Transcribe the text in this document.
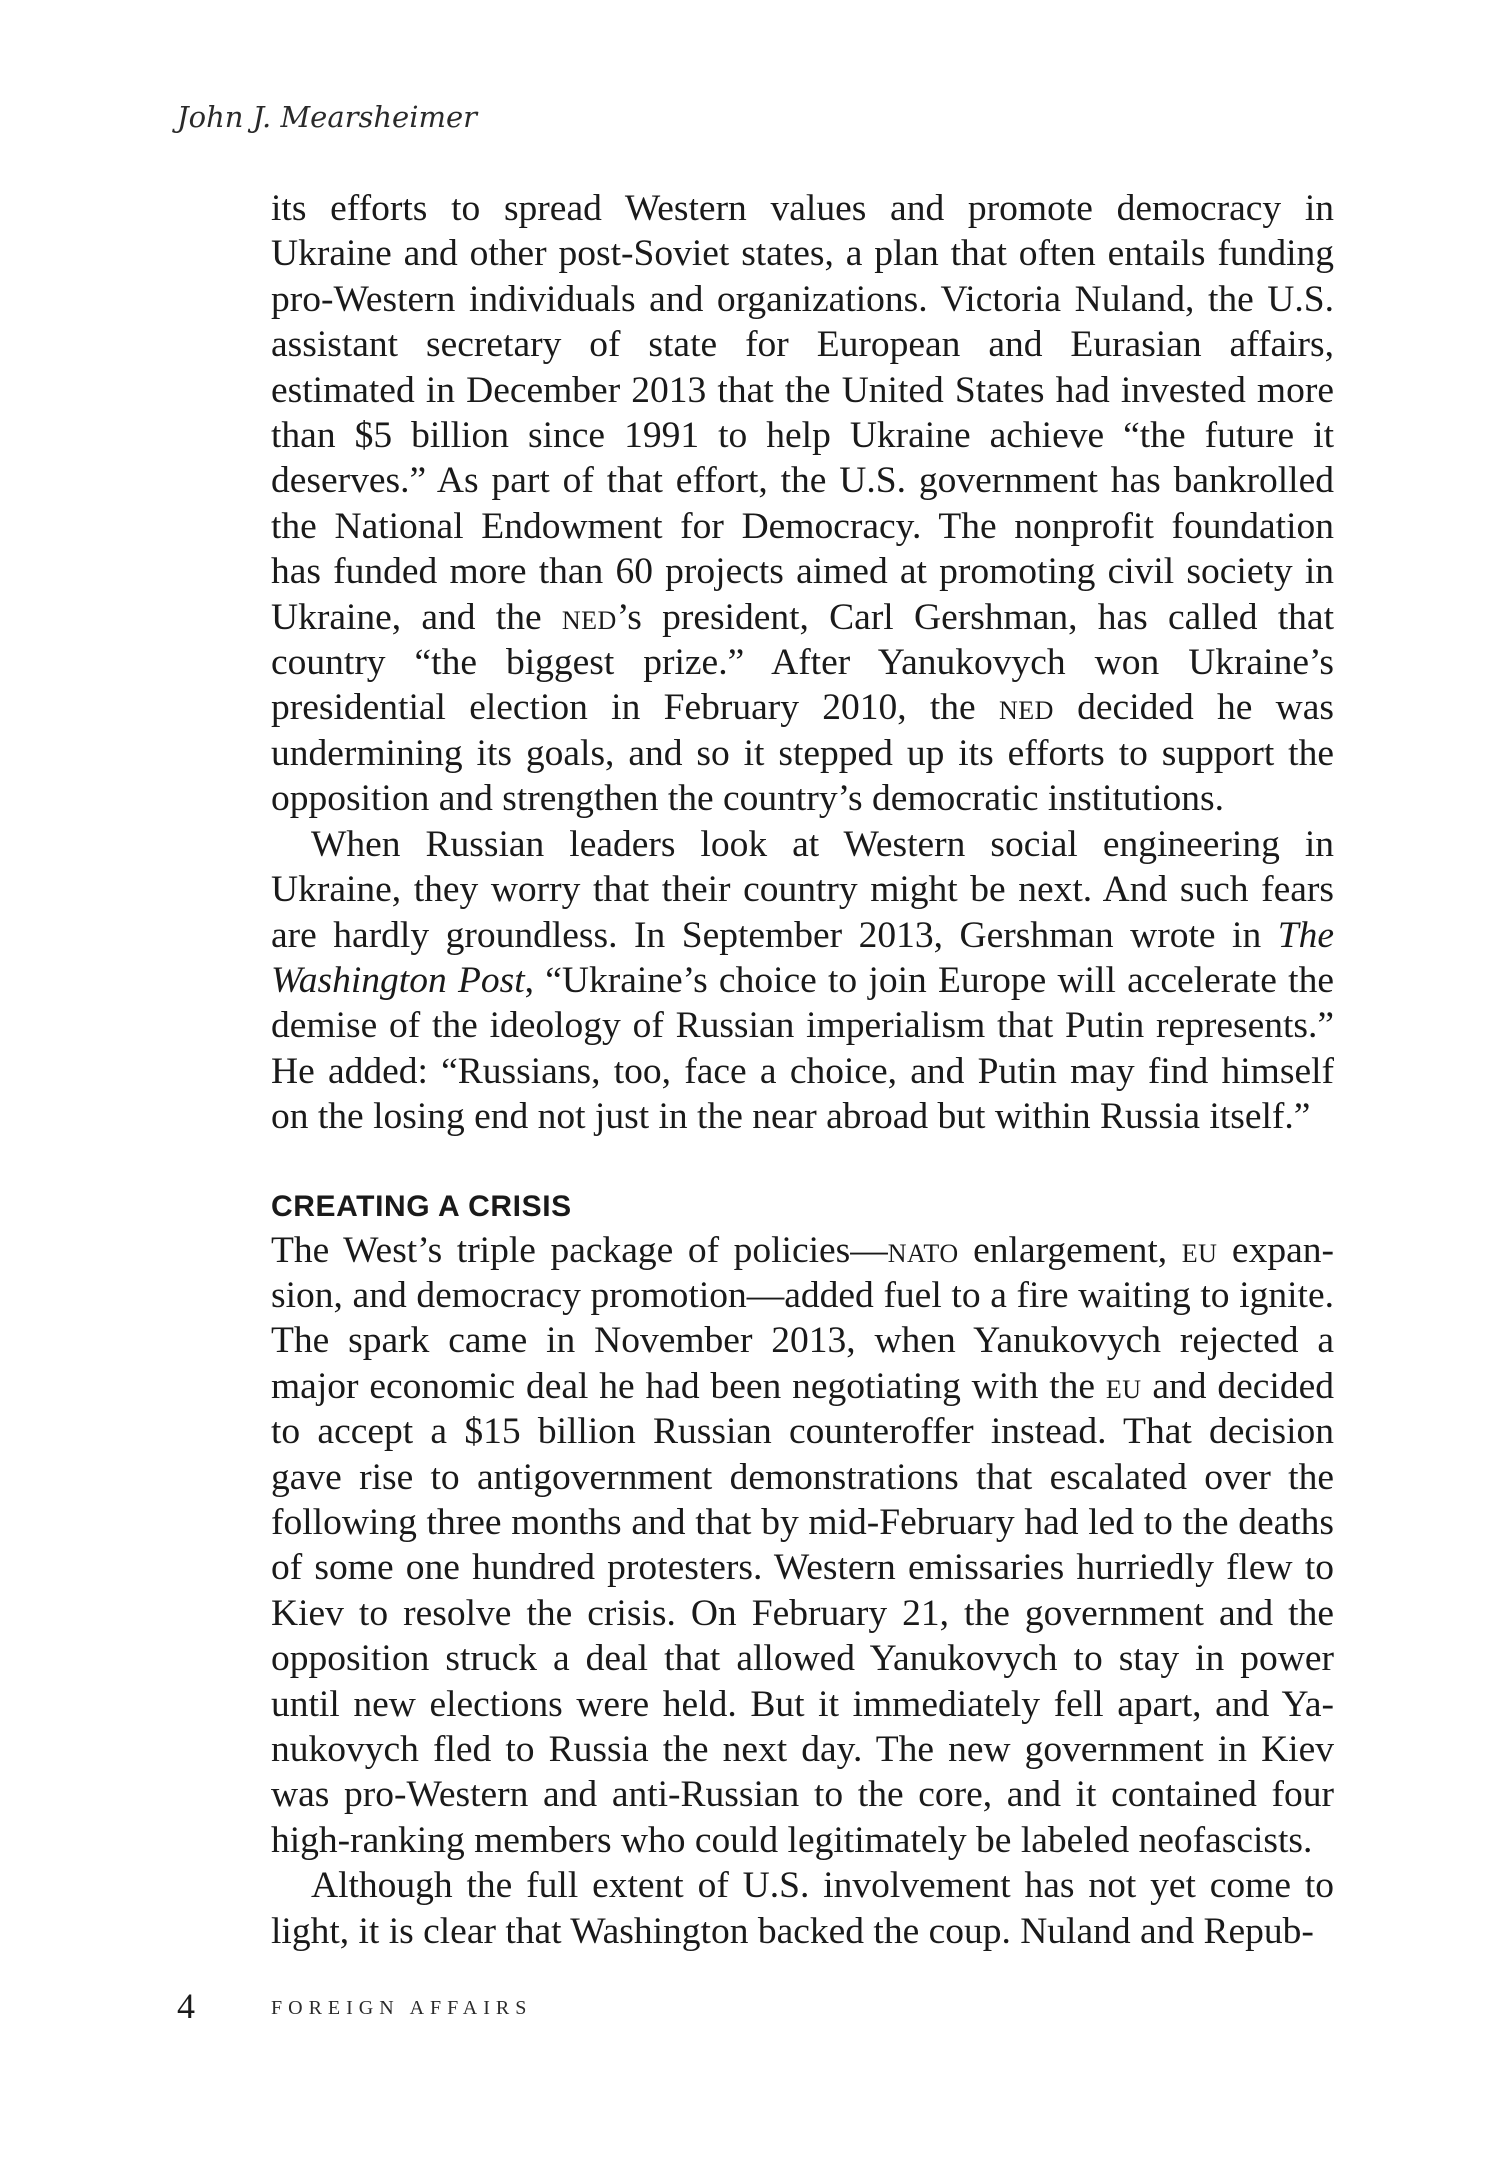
John J. Mearsheimer

its efforts to spread Western values and promote democracy in Ukraine and other post-Soviet states, a plan that often entails funding pro-Western individuals and organizations. Victoria Nuland, the U.S. assistant secretary of state for European and Eurasian affairs, estimated in December 2013 that the United States had invested more than $5 billion since 1991 to help Ukraine achieve “the future it deserves.” As part of that effort, the U.S. government has bankrolled the National Endowment for Democracy. The nonprofit foundation has funded more than 60 projects aimed at promoting civil society in Ukraine, and the ned’s president, Carl Gershman, has called that country “the biggest prize.” After Yanukovych won Ukraine’s presidential election in February 2010, the ned decided he was undermining its goals, and so it stepped up its efforts to support the opposition and strengthen the country’s democratic institutions.

When Russian leaders look at Western social engineering in Ukraine, they worry that their country might be next. And such fears are hardly groundless. In September 2013, Gershman wrote in The Washington Post, “Ukraine’s choice to join Europe will accelerate the demise of the ideology of Russian imperialism that Putin represents.” He added: “Russians, too, face a choice, and Putin may find himself on the losing end not just in the near abroad but within Russia itself.”

CREATING A CRISIS

The West’s triple package of policies—nato enlargement, eu expansion, and democracy promotion—added fuel to a fire waiting to ignite. The spark came in November 2013, when Yanukovych rejected a major economic deal he had been negotiating with the eu and decided to accept a $15 billion Russian counteroffer instead. That decision gave rise to antigovernment demonstrations that escalated over the following three months and that by mid-February had led to the deaths of some one hundred protesters. Western emissaries hurriedly flew to Kiev to resolve the crisis. On February 21, the government and the opposition struck a deal that allowed Yanukovych to stay in power until new elections were held. But it immediately fell apart, and Yanukovych fled to Russia the next day. The new government in Kiev was pro-Western and anti-Russian to the core, and it contained four high-ranking members who could legitimately be labeled neofascists.

Although the full extent of U.S. involvement has not yet come to light, it is clear that Washington backed the coup. Nuland and Repub-

4	FOREIGN AFFAIRS
